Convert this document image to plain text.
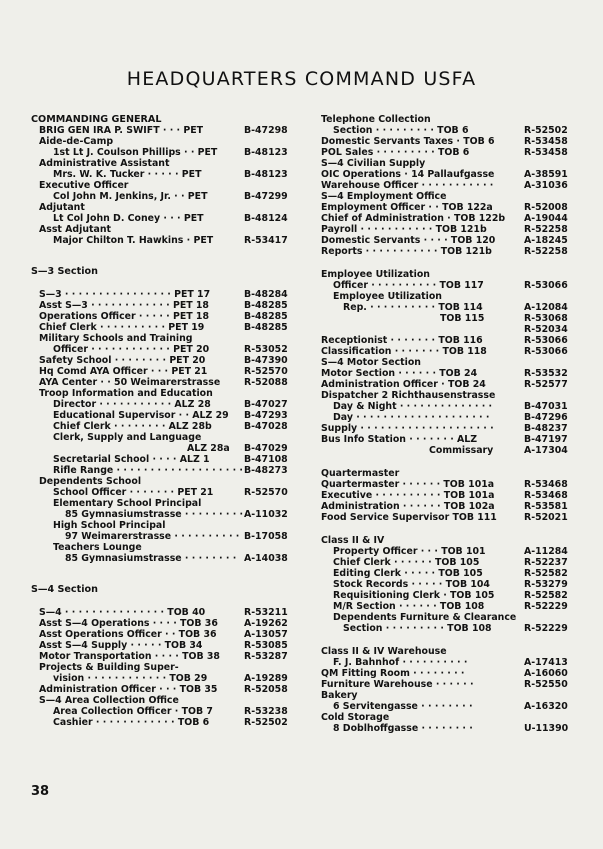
HEADQUARTERS COMMAND USFA
COMMANDING GENERAL
BRIG GEN IRA P. SWIFT · · · PET	B-47298
Aide-de-Camp
1st Lt J. Coulson Phillips · · PET	B-48123
Administrative Assistant
Mrs. W. K. Tucker · · · · · PET	B-48123
Executive Officer
Col John M. Jenkins, Jr. · · PET	B-47299
Adjutant
Lt Col John D. Coney · · · PET	B-48124
Asst Adjutant
Major Chilton T. Hawkins · PET	R-53417
S—3 Section
S—3 · · · · · · · · · · · · · · · · PET 17	B-48284
Asst S—3 · · · · · · · · · · · · PET 18	B-48285
Operations Officer · · · · · PET 18	B-48285
Chief Clerk · · · · · · · · · · PET 19	B-48285
Military Schools and Training
Officer · · · · · · · · · · · · PET 20	R-53052
Safety School · · · · · · · · PET 20	B-47390
Hq Comd AYA Officer · · · PET 21	R-52570
AYA Center · · 50 Weimarerstrasse	R-52088
Troop Information and Education
Director · · · · · · · · · · · ALZ 28	B-47027
Educational Supervisor · · ALZ 29 B-47293
Chief Clerk · · · · · · · · ALZ 28b	B-47028
Clerk, Supply and Language
ALZ 28a B-47029
Secretarial School · · · · ALZ 1	B-47108
Rifle Range · · · · · · · · · · · · · · · · · · · B-48273
Dependents School
School Officer · · · · · · · PET 21	R-52570
Elementary School Principal
85 Gymnasiumstrasse · · · · · · · · · A-11032
High School Principal
97 Weimarerstrasse · · · · · · · · · · B-17058
Teachers Lounge
85 Gymnasiumstrasse · · · · · · · · A-14038
S—4 Section
S—4 · · · · · · · · · · · · · · · TOB 40	R-53211
Asst S—4 Operations · · · · TOB 36	A-19262
Asst Operations Officer · · TOB 36	A-13057
Asst S—4 Supply · · · · · TOB 34	R-53085
Motor Transportation · · · · TOB 38	R-53287
Projects & Building Super-
vision · · · · · · · · · · · · TOB 29	A-19289
Administration Officer · · · TOB 35	R-52058
S—4 Area Collection Office
Area Collection Officer · TOB 7	R-53238
Cashier · · · · · · · · · · · · TOB 6	R-52502
Telephone Collection
Section · · · · · · · · · TOB 6	R-52502
Domestic Servants Taxes · TOB 6	R-53458
POL Sales · · · · · · · · · TOB 6	R-53458
S—4 Civilian Supply
OIC Operations · 14 Pallaufgasse	A-38591
Warehouse Officer · · · · · · · · · · ·	A-31036
S—4 Employment Office
Employment Officer · · TOB 122a	R-52008
Chief of Administration · TOB 122b A-19044
Payroll · · · · · · · · · · · TOB 121b	R-52258
Domestic Servants · · · · TOB 120	A-18245
Reports · · · · · · · · · · · TOB 121b	R-52258
Employee Utilization
Officer · · · · · · · · · · TOB 117	R-53066
Employee Utilization
Rep. · · · · · · · · · · TOB 114	A-12084
TOB 115	R-53068
R-52034
Receptionist · · · · · · · TOB 116	R-53066
Classification · · · · · · · TOB 118	R-53066
S—4 Motor Section
Motor Section · · · · · · TOB 24	R-53532
Administration Officer · TOB 24	R-52577
Dispatcher 2 Richthausenstrasse
Day & Night · · · · · · · · · · · · · ·	B-47031
Day · · · · · · · · · · · · · · · · · · · ·	B-47296
Supply · · · · · · · · · · · · · · · · · · · ·	B-48237
Bus Info Station · · · · · · · ALZ	B-47197
Commissary	A-17304
Quartermaster
Quartermaster · · · · · · TOB 101a	R-53468
Executive · · · · · · · · · · TOB 101a	R-53468
Administration · · · · · · TOB 102a	R-53581
Food Service Supervisor TOB 111	R-52021
Class II & IV
Property Officer · · · TOB 101	A-11284
Chief Clerk · · · · · · TOB 105	R-52237
Editing Clerk · · · · · TOB 105	R-52582
Stock Records · · · · · TOB 104	R-53279
Requisitioning Clerk · TOB 105	R-52582
M/R Section · · · · · · TOB 108	R-52229
Dependents Furniture & Clearance
Section · · · · · · · · · TOB 108	R-52229
Class II & IV Warehouse
F. J. Bahnhof · · · · · · · · · ·	A-17413
QM Fitting Room · · · · · · · ·	A-16060
Furniture Warehouse · · · · · ·	R-52550
Bakery
6 Servitengasse · · · · · · · ·	A-16320
Cold Storage
8 Doblhoffgasse · · · · · · · ·	U-11390
38
